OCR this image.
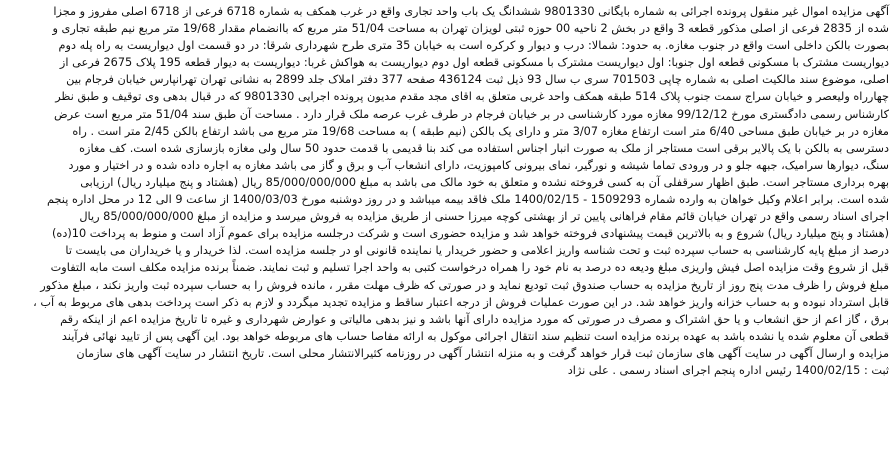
آگهی مزایده اموال غیر منقول پرونده اجرائی به شماره بایگانی 9801330 ششدانگ یک باب واحد تجاری واقع در غرب همکف به شماره 6718 فرعی از 6718 اصلی مفروز و مجزا
شده از 2835 فرعی از اصلی مذکور قطعه 3 واقع در بخش 2 ناحیه 00 حوزه ثبتی لویزان تهران به مساحت 51/04 متر مربع که باانضمام مقدار 19/68 متر مربع نیم طبقه تجاری و
بصورت بالکن داخلی است واقع در جنوب مغازه. به حدود: شمالا: درب و دیوار و کرکره است به خیابان 35 متری طرح شهرداری شرقا: در دو قسمت اول دیواریست به راه پله دوم
دیواریست مشترک با مسکونی قطعه اول جنوبا: اول دیواریست مشترک با مسکونی قطعه اول دوم دیواریست به هواکش غربا: دیواریست به دیوار قطعه 195 پلاک 2675 فرعی از
اصلی، موضوع سند مالکیت اصلی به شماره چاپی 701503 سری ب سال 93 ذیل ثبت 436124 صفحه 377 دفتر املاک جلد 2899 به نشانی تهران تهرانپارس خیابان فرجام بین
چهارراه ولیعصر و خیابان سراج سمت جنوب پلاک 514 طبقه همکف واحد غربی متعلق به اقای مجد مقدم مدیون پرونده اجرایی 9801330 که در قبال بدهی وی توقیف و طبق نظر
کارشناس رسمی دادگستری مورخ 99/12/12 مغازه مورد کارشناسی در بر خیابان فرجام در طرف غرب عرصه ملک قرار دارد . مساحت آن طبق سند 51/04 متر مربع است عرض
مغازه در بر خیابان طبق مساحی 6/40 متر است ارتفاع مغازه 3/07 متر و دارای یک بالکن (نیم طبقه ) به مساحت 19/68 متر مربع می باشد ارتفاع بالکن 2/45 متر است . راه
دسترسی به بالکن با یک پالایر برقی است مستاجر از ملک به صورت انبار اجناس استفاده می کند بنا قدیمی با قدمت حدود 50 سال ولی مغازه بازسازی شده است. کف مغازه
سنگ، دیوارها سرامیک، جبهه جلو و در ورودی تماما شیشه و نورگیر، نمای بیرونی کامپوزیت، دارای انشعاب آب و برق و گاز می باشد مغازه به اجاره داده شده و در اختیار و مورد
بهره برداری مستاجر است. طبق اظهار سرقفلی آن به کسی فروخته نشده و متعلق به خود مالک می باشد به مبلغ 85/000/000/000 ریال (هشتاد و پنج میلیارد ریال) ارزیابی
شده است. برابر اعلام وکیل خواهان به وارده شماره 1509293 - 1400/02/15 ملک فاقد بیمه میباشد و در روز دوشنبه مورخ 1400/03/03 از ساعت 9 الی 12 در محل اداره پنجم
اجرای اسناد رسمی واقع در تهران خیابان قائم مقام فراهانی پایین تر از بهشتی کوچه میرزا حسنی از طریق مزایده به فروش میرسد و مزایده از مبلغ 85/000/000/000 ریال
(هشتاد و پنج میلیارد ریال) شروع و به بالاترین قیمت پیشنهادی فروخته خواهد شد و مزایده حضوری است و شرکت درجلسه مزایده برای عموم آزاد است و منوط به پرداخت 10(ده)
درصد از مبلغ پایه کارشناسی به حساب سپرده ثبت و تحت شناسه واریز اعلامی و حضور خریدار یا نماینده قانونی او در جلسه مزایده است. لذا خریدار و یا خریداران می بایست تا
قبل از شروع وقت مزایده اصل فیش واریزی مبلغ ودیعه ده درصد به نام خود را همراه درخواست کتبی به واحد اجرا تسلیم و ثبت نمایند. ضمناً برنده مزایده مکلف است مابه التفاوت
مبلغ فروش را ظرف مدت پنج روز از تاریخ مزایده به حساب صندوق ثبت تودیع نماید و در صورتی که ظرف مهلت مقرر ، مانده فروش را به حساب سپرده ثبت واریز نکند ، مبلغ مذکور
قابل استرداد نبوده و به حساب خزانه واریز خواهد شد. در این صورت عملیات فروش از درجه اعتبار ساقط و مزایده تجدید میگردد و لازم به ذکر است پرداخت بدهی های مربوط به آب ،
برق ، گاز اعم از حق انشعاب و یا حق اشتراک و مصرف در صورتی که مورد مزایده دارای آنها باشد و نیز بدهی مالیاتی و عوارض شهرداری و غیره تا تاریخ مزایده اعم از اینکه رقم
قطعی آن معلوم شده یا نشده باشد به عهده برنده مزایده است تنظیم سند انتقال اجرائی موکول به ارائه مفاصا حساب های مربوطه خواهد بود. این آگهی پس از تایید نهائی فرآیند
مزایده و ارسال آگهی در سایت آگهی های سازمان ثبت قرار خواهد گرفت و به منزله انتشار آگهی در روزنامه کثیرالانتشار محلی است. تاریخ انتشار در سایت آگهی های سازمان
ثبت : 1400/02/15 رئیس اداره پنجم اجرای اسناد رسمی . علی نژاد
